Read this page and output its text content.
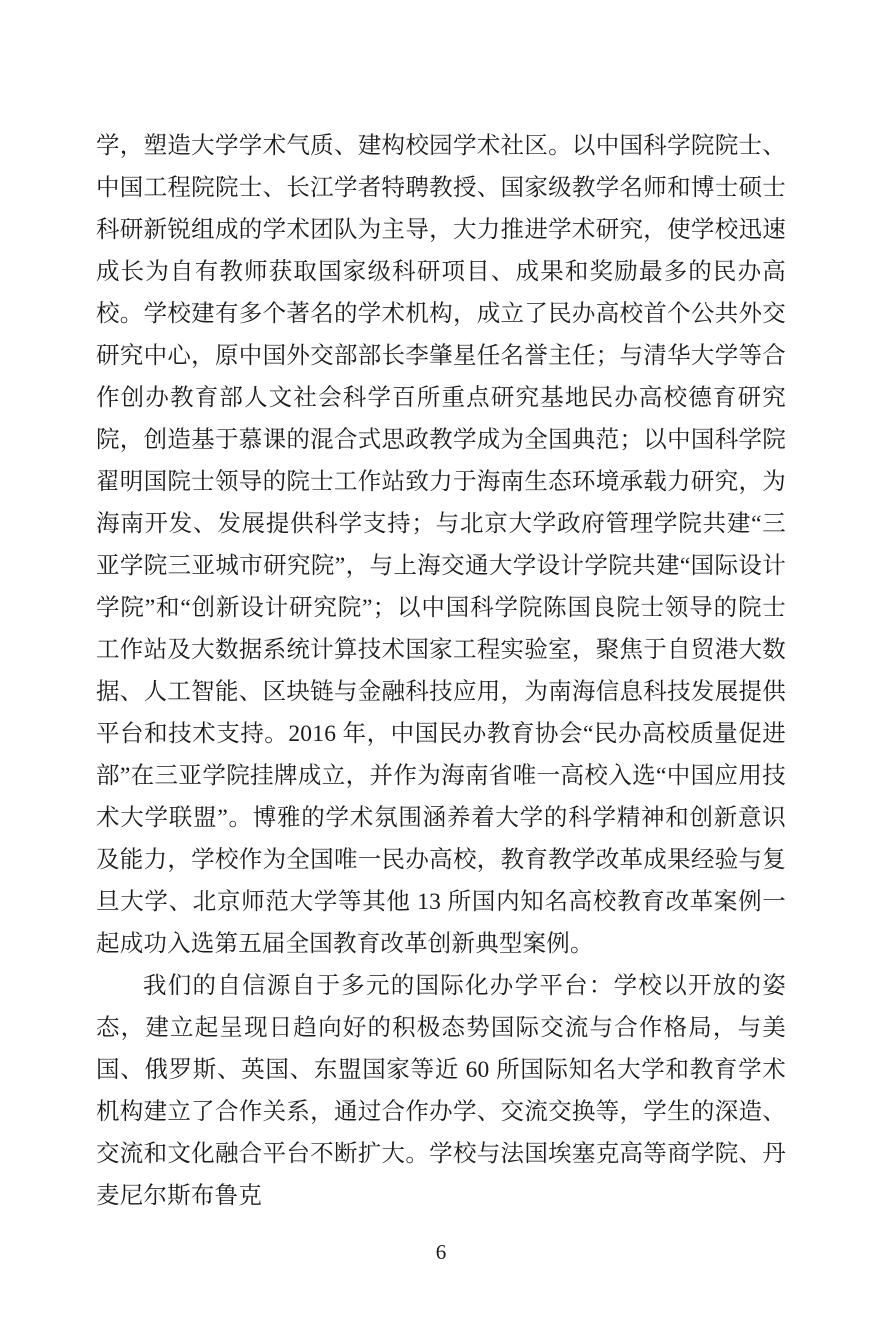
学，塑造大学学术气质、建构校园学术社区。以中国科学院院士、中国工程院院士、长江学者特聘教授、国家级教学名师和博士硕士科研新锐组成的学术团队为主导，大力推进学术研究，使学校迅速成长为自有教师获取国家级科研项目、成果和奖励最多的民办高校。学校建有多个著名的学术机构，成立了民办高校首个公共外交研究中心，原中国外交部部长李肇星任名誉主任；与清华大学等合作创办教育部人文社会科学百所重点研究基地民办高校德育研究院，创造基于慕课的混合式思政教学成为全国典范；以中国科学院翟明国院士领导的院士工作站致力于海南生态环境承载力研究，为海南开发、发展提供科学支持；与北京大学政府管理学院共建“三亚学院三亚城市研究院”，与上海交通大学设计学院共建“国际设计学院”和“创新设计研究院”；以中国科学院陈国良院士领导的院士工作站及大数据系统计算技术国家工程实验室，聚焦于自贸港大数据、人工智能、区块链与金融科技应用，为南海信息科技发展提供平台和技术支持。2016 年，中国民办教育协会“民办高校质量促进部”在三亚学院挂牌成立，并作为海南省唯一高校入选“中国应用技术大学联盟”。博雅的学术氛围涵养着大学的科学精神和创新意识及能力，学校作为全国唯一民办高校，教育教学改革成果经验与复旦大学、北京师范大学等其他 13 所国内知名高校教育改革案例一起成功入选第五届全国教育改革创新典型案例。

我们的自信源自于多元的国际化办学平台：学校以开放的姿态，建立起呈现日趋向好的积极态势国际交流与合作格局，与美国、俄罗斯、英国、东盟国家等近 60 所国际知名大学和教育学术机构建立了合作关系，通过合作办学、交流交换等，学生的深造、交流和文化融合平台不断扩大。学校与法国埃塞克高等商学院、丹麦尼尔斯布鲁克

6
